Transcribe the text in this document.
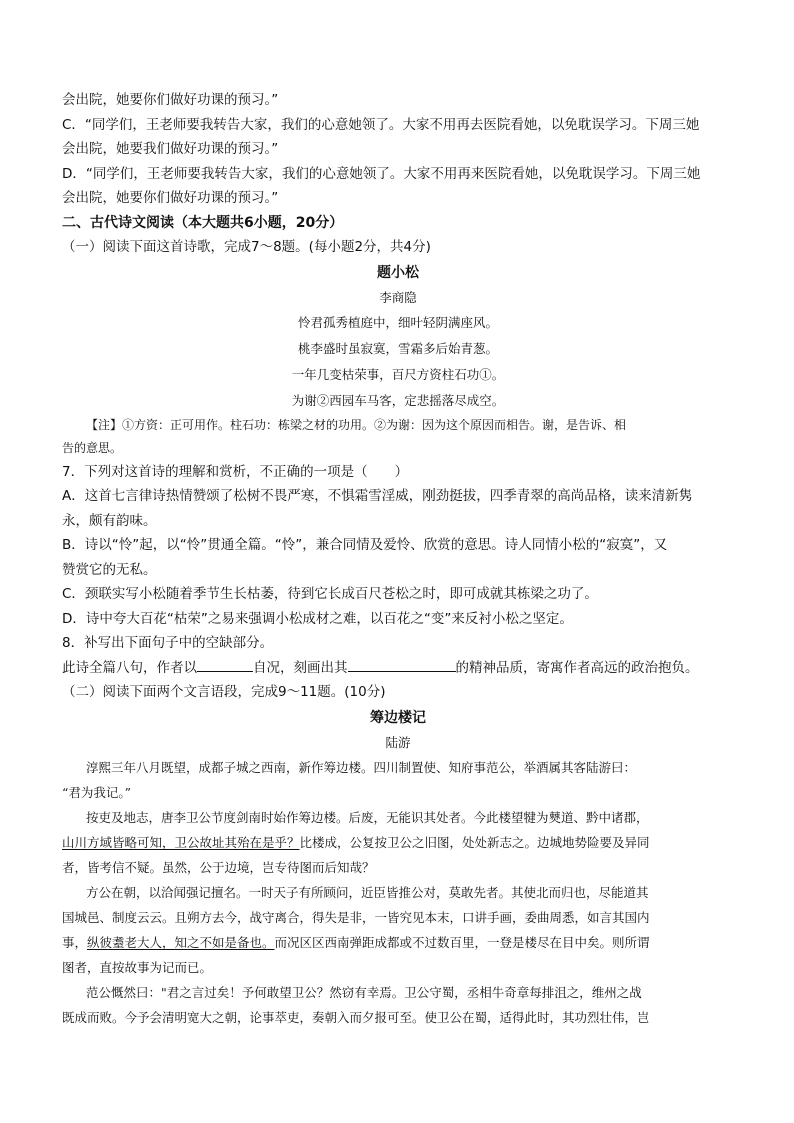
会出院，她要你们做好功课的预习。”
C．“同学们，王老师要我转告大家，我们的心意她领了。大家不用再去医院看她，以免耽误学习。下周三她
会出院，她要我们做好功课的预习。”
D．“同学们，王老师要我转告大家，我们的心意她领了。大家不用再来医院看她，以免耽误学习。下周三她
会出院，她要你们做好功课的预习。”
二、古代诗文阅读（本大题共6小题，20分）
（一）阅读下面这首诗歌，完成7～8题。(每小题2分，共4分)
题小松
李商隐
怜君孤秀植庭中，细叶轻阴满座风。
桃李盛时虽寂寞，雪霜多后始青葱。
一年几变枯荣事，百尺方资柱石功①。
为谢②西园车马客，定悲摇落尽成空。
【注】①方资：正可用作。柱石功：栋梁之材的功用。②为谢：因为这个原因而相告。谢，是告诉、相
告的意思。
7．下列对这首诗的理解和赏析，不正确的一项是（　　）
A．这首七言律诗热情赞颂了松树不畏严寒，不惧霜雪淫威，刚劲挺拔，四季青翠的高尚品格，读来清新隽
永，颇有韵味。
B．诗以“怜”起，以“怜”贯通全篇。“怜”，兼合同情及爱怜、欣赏的意思。诗人同情小松的“寂寞”，又
赞赏它的无私。
C．颈联实写小松随着季节生长枯萎，待到它长成百尺苍松之时，即可成就其栋梁之功了。
D．诗中夸大百花“枯荣”之易来强调小松成材之难，以百花之“变”来反衬小松之坚定。
8．补写出下面句子中的空缺部分。
此诗全篇八句，作者以	自况，刻画出其	的精神品质，寄寓作者高远的政治抱负。
（二）阅读下面两个文言语段，完成9～11题。(10分)
筹边楼记
陆游
淳熙三年八月既望，成都子城之西南，新作筹边楼。四川制置使、知府事范公，举酒属其客陆游曰：
“君为我记。”
按吏及地志，唐李卫公节度剑南时始作筹边楼。后废，无能识其处者。今此楼望犍为僰道、黔中诸郡，
山川方域皆略可知，卫公故址其殆在是乎？比楼成，公复按卫公之旧图，处处新志之。边城地势险要及异同
者，皆考信不疑。虽然，公于边境，岂专待图而后知哉？
方公在朝，以洽闻强记擅名。一时天子有所顾问，近臣皆推公对，莫敢先者。其使北而归也，尽能道其
国城邑、制度云云。且朔方去今，战守离合，得失是非，一皆究见本末，口讲手画，委曲周悉，如言其国内
事，纵彼耋老大人，知之不如是备也。而况区区西南弹距成都或不过数百里，一登是楼尽在目中矣。则所谓
图者，直按故事为记而已。
范公慨然曰："君之言过矣！予何敢望卫公？然窃有幸焉。卫公守蜀，丞相牛奇章每排沮之，维州之战
既成而败。今予会清明宽大之朝，论事萃吏，奏朝入而夕报可至。使卫公在蜀，适得此时，其功烈壮伟，岂
